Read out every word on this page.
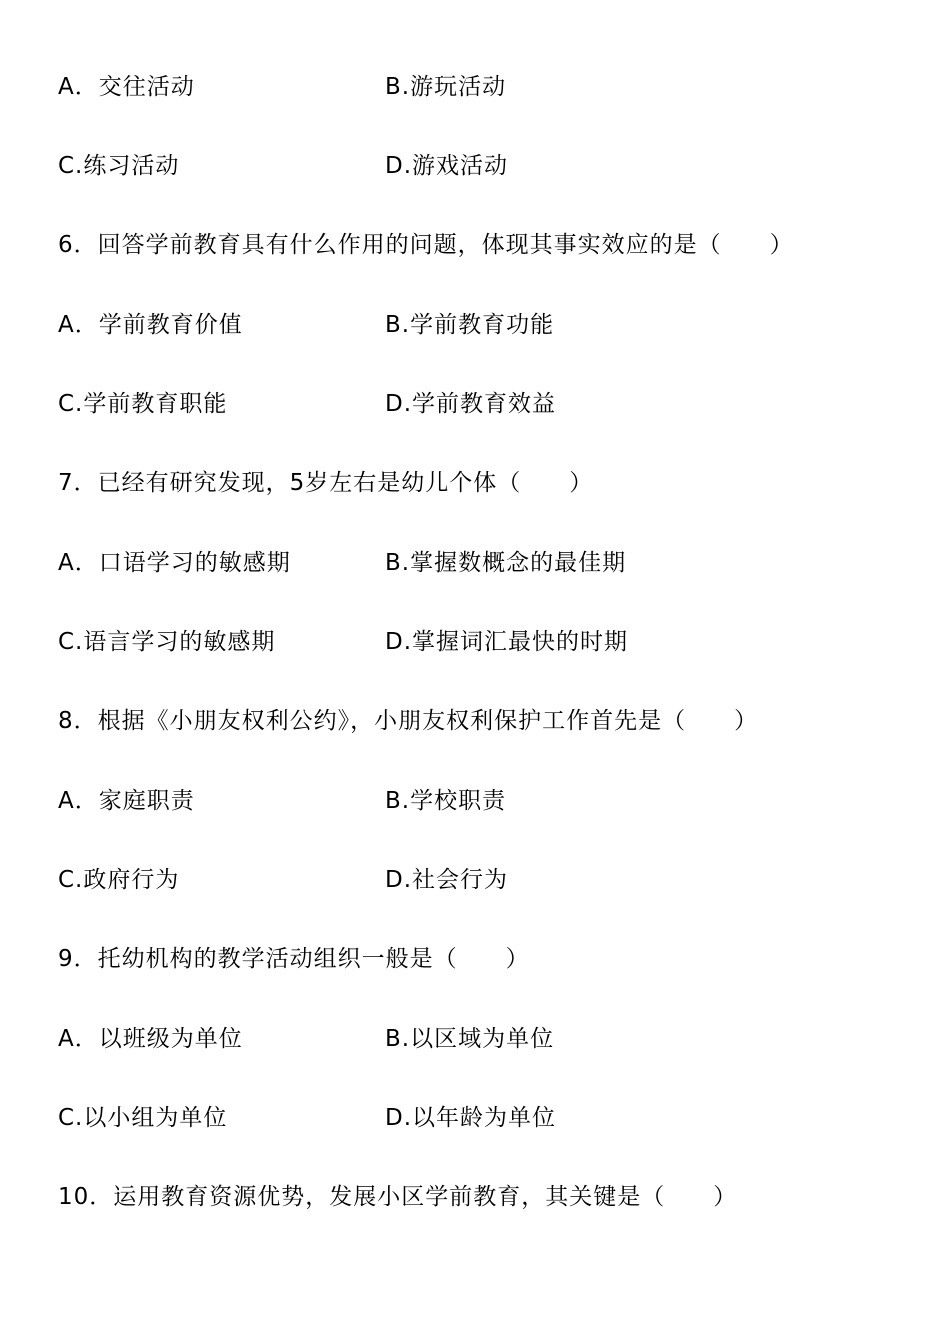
A．交往活动	B.游玩活动
C.练习活动	D.游戏活动
6．回答学前教育具有什么作用的问题，体现其事实效应的是（　　）
A．学前教育价值	B.学前教育功能
C.学前教育职能	D.学前教育效益
7．已经有研究发现，5岁左右是幼儿个体（　　）
A．口语学习的敏感期	B.掌握数概念的最佳期
C.语言学习的敏感期	D.掌握词汇最快的时期
8．根据《小朋友权利公约》，小朋友权利保护工作首先是（　　）
A．家庭职责	B.学校职责
C.政府行为	D.社会行为
9．托幼机构的教学活动组织一般是（　　）
A．以班级为单位	B.以区域为单位
C.以小组为单位	D.以年龄为单位
10．运用教育资源优势，发展小区学前教育，其关键是（　　）
